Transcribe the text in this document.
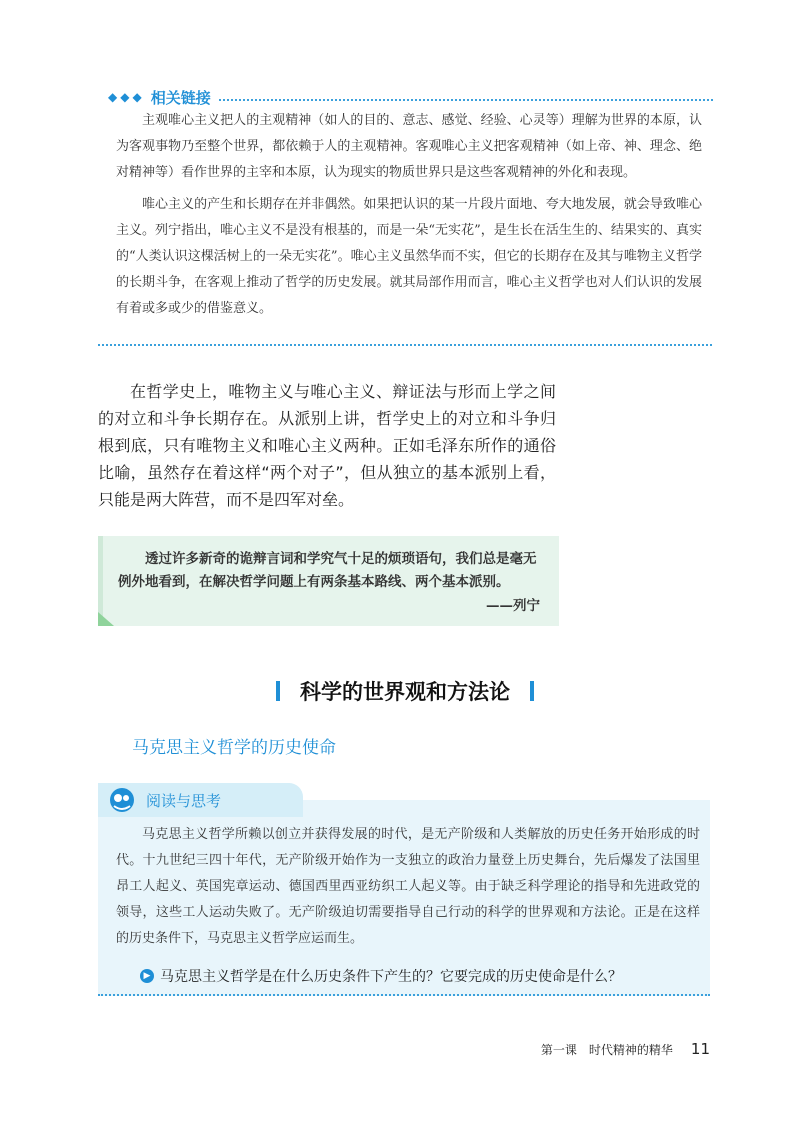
◆◆◆ 相关链接

主观唯心主义把人的主观精神（如人的目的、意志、感觉、经验、心灵等）理解为世界的本原，认为客观事物乃至整个世界，都依赖于人的主观精神。客观唯心主义把客观精神（如上帝、神、理念、绝对精神等）看作世界的主宰和本原，认为现实的物质世界只是这些客观精神的外化和表现。

唯心主义的产生和长期存在并非偶然。如果把认识的某一片段片面地、夸大地发展，就会导致唯心主义。列宁指出，唯心主义不是没有根基的，而是一朵“无实花”，是生长在活生生的、结果实的、真实的“人类认识这棵活树上的一朵无实花”。唯心主义虽然华而不实，但它的长期存在及其与唯物主义哲学的长期斗争，在客观上推动了哲学的历史发展。就其局部作用而言，唯心主义哲学也对人们认识的发展有着或多或少的借鉴意义。

在哲学史上，唯物主义与唯心主义、辩证法与形而上学之间的对立和斗争长期存在。从派别上讲，哲学史上的对立和斗争归根到底，只有唯物主义和唯心主义两种。正如毛泽东所作的通俗比喻，虽然存在着这样“两个对子”，但从独立的基本派别上看，只能是两大阵营，而不是四军对垒。

透过许多新奇的诡辩言词和学究气十足的烦琐语句，我们总是毫无例外地看到，在解决哲学问题上有两条基本路线、两个基本派别。

——列宁
科学的世界观和方法论
马克思主义哲学的历史使命
阅读与思考

马克思主义哲学所赖以创立并获得发展的时代，是无产阶级和人类解放的历史任务开始形成的时代。十九世纪三四十年代，无产阶级开始作为一支独立的政治力量登上历史舞台，先后爆发了法国里昂工人起义、英国宪章运动、德国西里西亚纺织工人起义等。由于缺乏科学理论的指导和先进政党的领导，这些工人运动失败了。无产阶级迫切需要指导自己行动的科学的世界观和方法论。正是在这样的历史条件下，马克思主义哲学应运而生。

▶ 马克思主义哲学是在什么历史条件下产生的？它要完成的历史使命是什么？
第一课　时代精神的精华 11
